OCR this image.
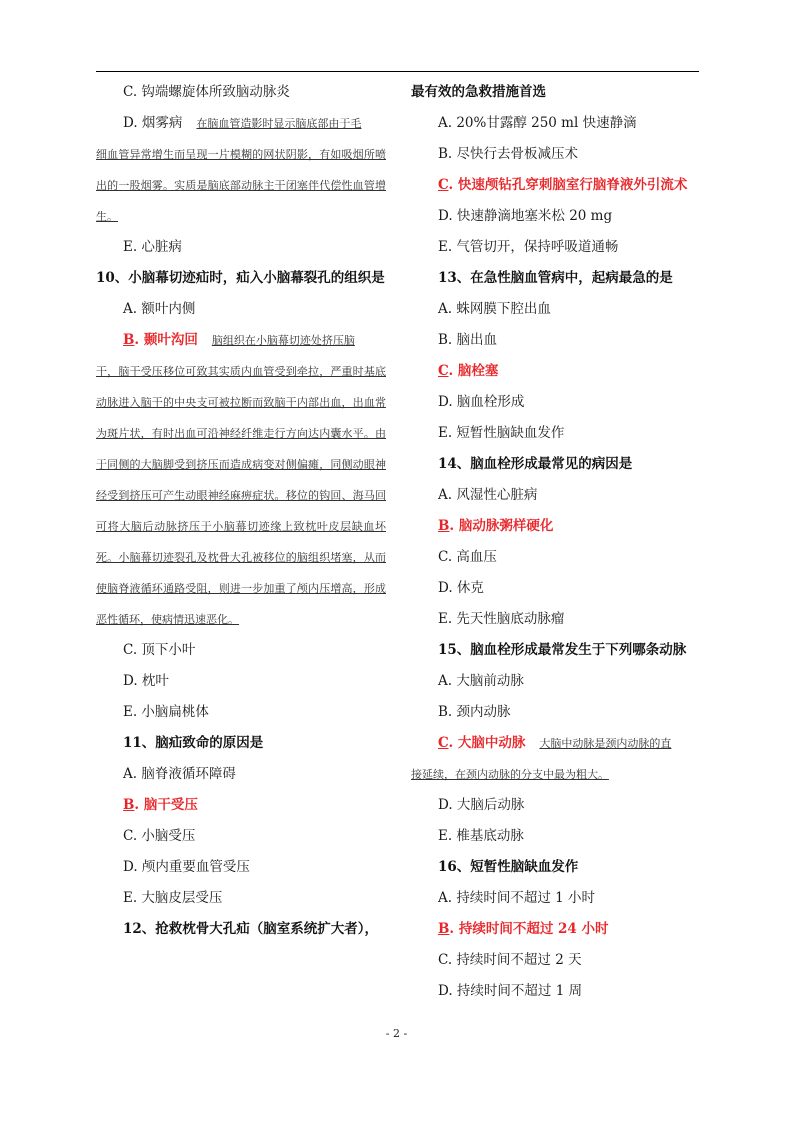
C. 钩端螺旋体所致脑动脉炎
D. 烟雾病 在脑血管造影时显示脑底部由于毛
细血管异常增生而呈现一片模糊的网状阴影，有如吸烟所喷出的一股烟雾。实质是脑底部动脉主干闭塞伴代偿性血管增生。
E. 心脏病
10、小脑幕切迹疝时，疝入小脑幕裂孔的组织是
A. 额叶内侧
B. 颞叶沟回 脑组织在小脑幕切迹处挤压脑
干，脑干受压移位可致其实质内血管受到牵拉，严重时基底动脉进入脑干的中央支可被拉断而致脑干内部出血，出血常为斑片状，有时出血可沿神经纤维走行方向达内囊水平。由于同侧的大脑脚受到挤压而造成病变对侧偏瘫，同侧动眼神经受到挤压可产生动眼神经麻痹症状。移位的钩回、海马回可将大脑后动脉挤压于小脑幕切迹缘上致枕叶皮层缺血坏死。小脑幕切迹裂孔及枕骨大孔被移位的脑组织堵塞，从而使脑脊液循环通路受阻，则进一步加重了颅内压增高，形成恶性循环，使病情迅速恶化。
C. 顶下小叶
D. 枕叶
E. 小脑扁桃体
11、脑疝致命的原因是
A. 脑脊液循环障碍
B. 脑干受压
C. 小脑受压
D. 颅内重要血管受压
E. 大脑皮层受压
12、抢救枕骨大孔疝（脑室系统扩大者），
最有效的急救措施首选
A. 20%甘露醇 250 ml 快速静滴
B. 尽快行去骨板减压术
C. 快速颅钻孔穿刺脑室行脑脊液外引流术
D. 快速静滴地塞米松 20 mg
E. 气管切开，保持呼吸道通畅
13、在急性脑血管病中，起病最急的是
A. 蛛网膜下腔出血
B. 脑出血
C. 脑栓塞
D. 脑血栓形成
E. 短暂性脑缺血发作
14、脑血栓形成最常见的病因是
A. 风湿性心脏病
B. 脑动脉粥样硬化
C. 高血压
D. 休克
E. 先天性脑底动脉瘤
15、脑血栓形成最常发生于下列哪条动脉
A. 大脑前动脉
B. 颈内动脉
C. 大脑中动脉 大脑中动脉是颈内动脉的直
接延续，在颈内动脉的分支中最为粗大。
D. 大脑后动脉
E. 椎基底动脉
16、短暂性脑缺血发作
A. 持续时间不超过 1 小时
B. 持续时间不超过 24 小时
C. 持续时间不超过 2 天
D. 持续时间不超过 1 周
- 2 -
